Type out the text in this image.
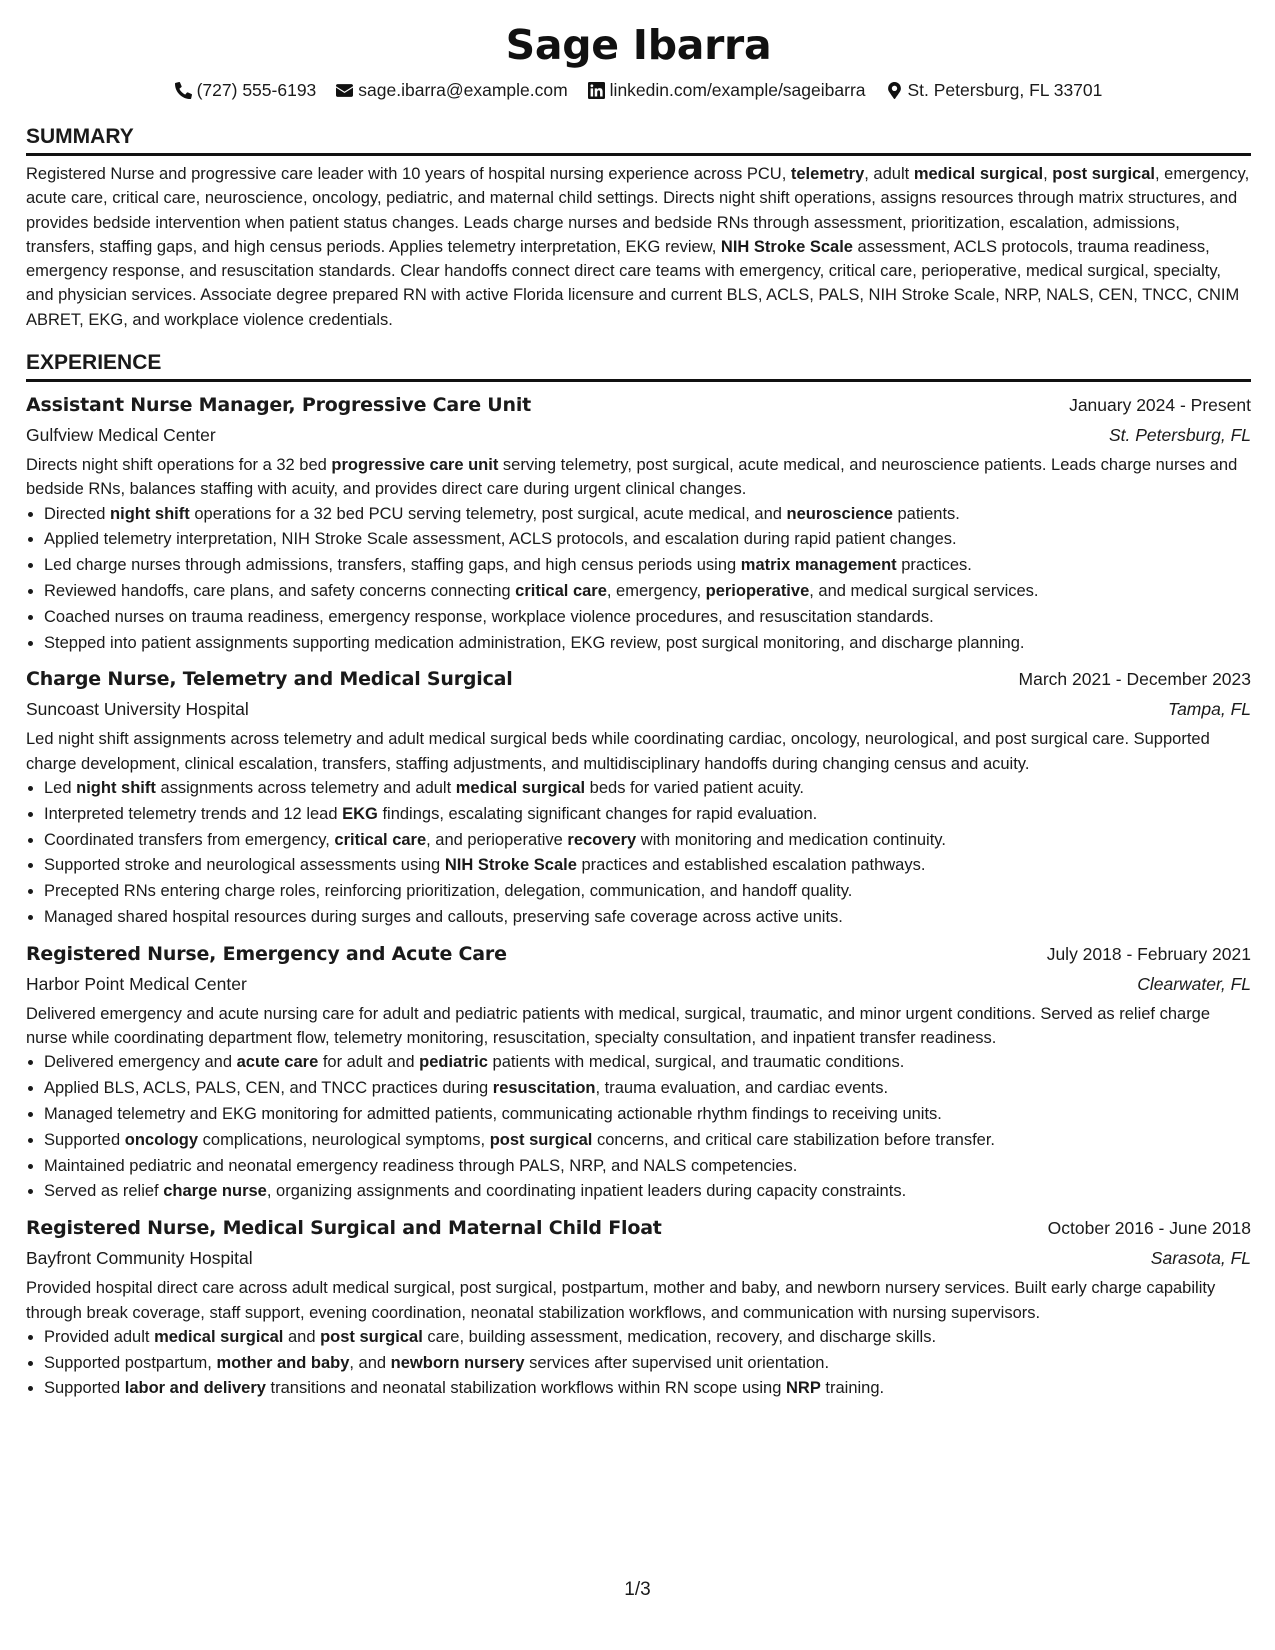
Sage Ibarra
(727) 555-6193 sage.ibarra@example.com linkedin.com/example/sageibarra St. Petersburg, FL 33701
SUMMARY
Registered Nurse and progressive care leader with 10 years of hospital nursing experience across PCU, telemetry, adult medical surgical, post surgical, emergency, acute care, critical care, neuroscience, oncology, pediatric, and maternal child settings. Directs night shift operations, assigns resources through matrix structures, and provides bedside intervention when patient status changes. Leads charge nurses and bedside RNs through assessment, prioritization, escalation, admissions, transfers, staffing gaps, and high census periods. Applies telemetry interpretation, EKG review, NIH Stroke Scale assessment, ACLS protocols, trauma readiness, emergency response, and resuscitation standards. Clear handoffs connect direct care teams with emergency, critical care, perioperative, medical surgical, specialty, and physician services. Associate degree prepared RN with active Florida licensure and current BLS, ACLS, PALS, NIH Stroke Scale, NRP, NALS, CEN, TNCC, CNIM ABRET, EKG, and workplace violence credentials.
EXPERIENCE
Assistant Nurse Manager, Progressive Care Unit	January 2024 - Present
Gulfview Medical Center	St. Petersburg, FL
Directs night shift operations for a 32 bed progressive care unit serving telemetry, post surgical, acute medical, and neuroscience patients. Leads charge nurses and bedside RNs, balances staffing with acuity, and provides direct care during urgent clinical changes.
• Directed night shift operations for a 32 bed PCU serving telemetry, post surgical, acute medical, and neuroscience patients.
• Applied telemetry interpretation, NIH Stroke Scale assessment, ACLS protocols, and escalation during rapid patient changes.
• Led charge nurses through admissions, transfers, staffing gaps, and high census periods using matrix management practices.
• Reviewed handoffs, care plans, and safety concerns connecting critical care, emergency, perioperative, and medical surgical services.
• Coached nurses on trauma readiness, emergency response, workplace violence procedures, and resuscitation standards.
• Stepped into patient assignments supporting medication administration, EKG review, post surgical monitoring, and discharge planning.
Charge Nurse, Telemetry and Medical Surgical	March 2021 - December 2023
Suncoast University Hospital	Tampa, FL
Led night shift assignments across telemetry and adult medical surgical beds while coordinating cardiac, oncology, neurological, and post surgical care. Supported charge development, clinical escalation, transfers, staffing adjustments, and multidisciplinary handoffs during changing census and acuity.
• Led night shift assignments across telemetry and adult medical surgical beds for varied patient acuity.
• Interpreted telemetry trends and 12 lead EKG findings, escalating significant changes for rapid evaluation.
• Coordinated transfers from emergency, critical care, and perioperative recovery with monitoring and medication continuity.
• Supported stroke and neurological assessments using NIH Stroke Scale practices and established escalation pathways.
• Precepted RNs entering charge roles, reinforcing prioritization, delegation, communication, and handoff quality.
• Managed shared hospital resources during surges and callouts, preserving safe coverage across active units.
Registered Nurse, Emergency and Acute Care	July 2018 - February 2021
Harbor Point Medical Center	Clearwater, FL
Delivered emergency and acute nursing care for adult and pediatric patients with medical, surgical, traumatic, and minor urgent conditions. Served as relief charge nurse while coordinating department flow, telemetry monitoring, resuscitation, specialty consultation, and inpatient transfer readiness.
• Delivered emergency and acute care for adult and pediatric patients with medical, surgical, and traumatic conditions.
• Applied BLS, ACLS, PALS, CEN, and TNCC practices during resuscitation, trauma evaluation, and cardiac events.
• Managed telemetry and EKG monitoring for admitted patients, communicating actionable rhythm findings to receiving units.
• Supported oncology complications, neurological symptoms, post surgical concerns, and critical care stabilization before transfer.
• Maintained pediatric and neonatal emergency readiness through PALS, NRP, and NALS competencies.
• Served as relief charge nurse, organizing assignments and coordinating inpatient leaders during capacity constraints.
Registered Nurse, Medical Surgical and Maternal Child Float	October 2016 - June 2018
Bayfront Community Hospital	Sarasota, FL
Provided hospital direct care across adult medical surgical, post surgical, postpartum, mother and baby, and newborn nursery services. Built early charge capability through break coverage, staff support, evening coordination, neonatal stabilization workflows, and communication with nursing supervisors.
• Provided adult medical surgical and post surgical care, building assessment, medication, recovery, and discharge skills.
• Supported postpartum, mother and baby, and newborn nursery services after supervised unit orientation.
• Supported labor and delivery transitions and neonatal stabilization workflows within RN scope using NRP training.
1/3
